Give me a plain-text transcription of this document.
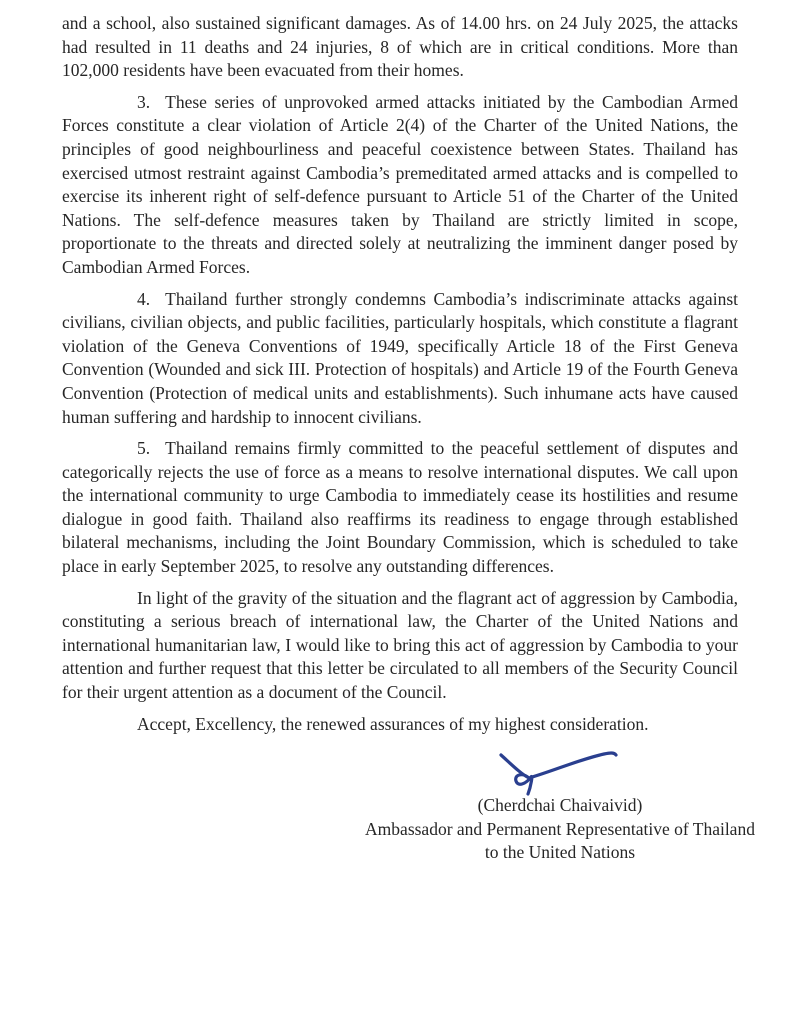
and a school, also sustained significant damages. As of 14.00 hrs. on 24 July 2025, the attacks had resulted in 11 deaths and 24 injuries, 8 of which are in critical conditions. More than 102,000 residents have been evacuated from their homes.

3. These series of unprovoked armed attacks initiated by the Cambodian Armed Forces constitute a clear violation of Article 2(4) of the Charter of the United Nations, the principles of good neighbourliness and peaceful coexistence between States. Thailand has exercised utmost restraint against Cambodia’s premeditated armed attacks and is compelled to exercise its inherent right of self-defence pursuant to Article 51 of the Charter of the United Nations. The self-defence measures taken by Thailand are strictly limited in scope, proportionate to the threats and directed solely at neutralizing the imminent danger posed by Cambodian Armed Forces.

4. Thailand further strongly condemns Cambodia’s indiscriminate attacks against civilians, civilian objects, and public facilities, particularly hospitals, which constitute a flagrant violation of the Geneva Conventions of 1949, specifically Article 18 of the First Geneva Convention (Wounded and sick III. Protection of hospitals) and Article 19 of the Fourth Geneva Convention (Protection of medical units and establishments). Such inhumane acts have caused human suffering and hardship to innocent civilians.

5. Thailand remains firmly committed to the peaceful settlement of disputes and categorically rejects the use of force as a means to resolve international disputes. We call upon the international community to urge Cambodia to immediately cease its hostilities and resume dialogue in good faith. Thailand also reaffirms its readiness to engage through established bilateral mechanisms, including the Joint Boundary Commission, which is scheduled to take place in early September 2025, to resolve any outstanding differences.

In light of the gravity of the situation and the flagrant act of aggression by Cambodia, constituting a serious breach of international law, the Charter of the United Nations and international humanitarian law, I would like to bring this act of aggression by Cambodia to your attention and further request that this letter be circulated to all members of the Security Council for their urgent attention as a document of the Council.

Accept, Excellency, the renewed assurances of my highest consideration.

(Cherdchai Chaivaivid)
Ambassador and Permanent Representative of Thailand
to the United Nations
